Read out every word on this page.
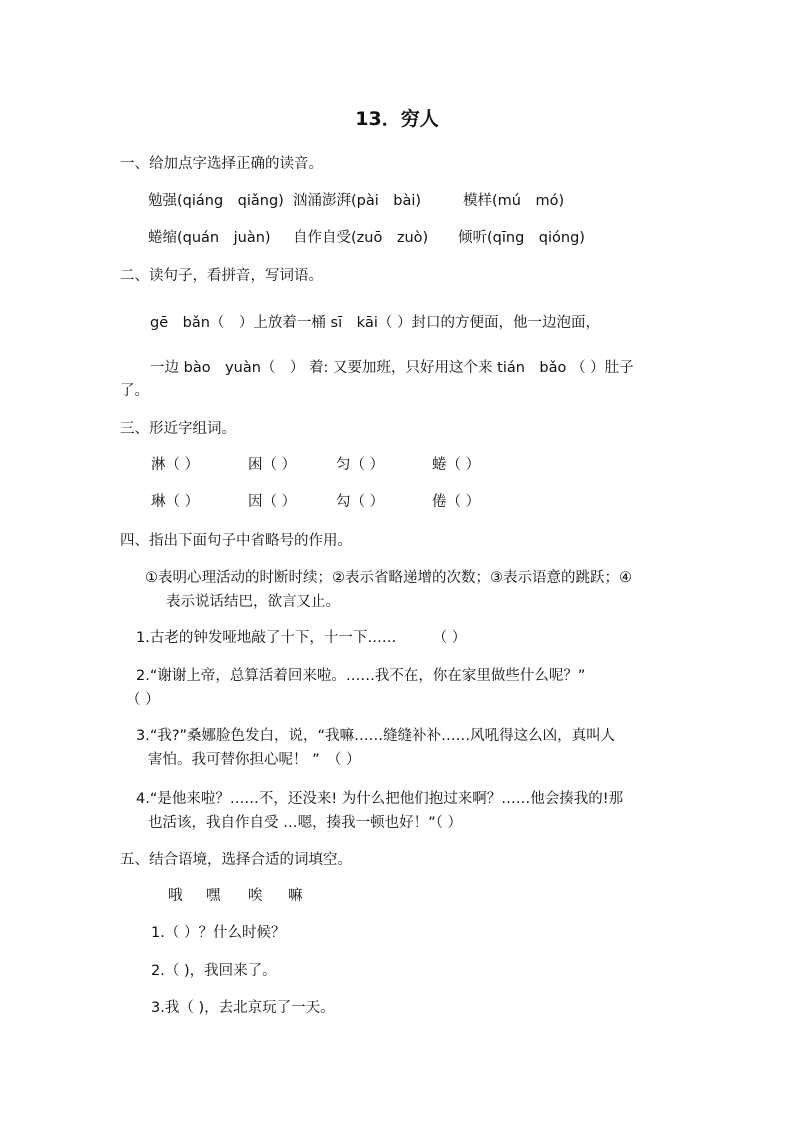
13．穷人
一、给加点字选择正确的读音。
勉强(qiáng　qiǎng) 汹涌澎湃(pài　bài)	模样(mú　mó)
蜷缩(quán　juàn) 自作自受(zuō　zuò) 倾听(qīng　qióng)
二、读句子，看拼音，写词语。
gē　bǎn（　）上放着一桶 sī　kāi（ ）封口的方便面，他一边泡面，
一边 bào　yuàn（　） 着: 又要加班，只好用这个来 tián　bǎo （ ）肚子
了。
三、形近字组词。
淋（ ）	困（ ）	匀（ ）	蜷（ ）
琳（ ）	因（ ）	勾（ ）	倦（ ）
四、指出下面句子中省略号的作用。
①表明心理活动的时断时续；②表示省略递增的次数；③表示语意的跳跃；④
表示说话结巴，欲言又止。
1.古老的钟发哑地敲了十下，十一下……　　　（ ）
2.“谢谢上帝，总算活着回来啦。……我不在，你在家里做些什么呢？”
（ ）
3.“我?”桑娜脸色发白，说，“我嘛……缝缝补补……风吼得这么凶，真叫人
害怕。我可替你担心呢！ ”　（ ）
4.“是他来啦？……不，还没来! 为什么把他们抱过来啊？……他会揍我的!那
也活该，我自作自受 …嗯，揍我一顿也好！”（ ）
五、结合语境，选择合适的词填空。
哦 嘿 唉 嘛
1.（ ）？什么时候？
2.（ )，我回来了。
3.我（ )，去北京玩了一天。
